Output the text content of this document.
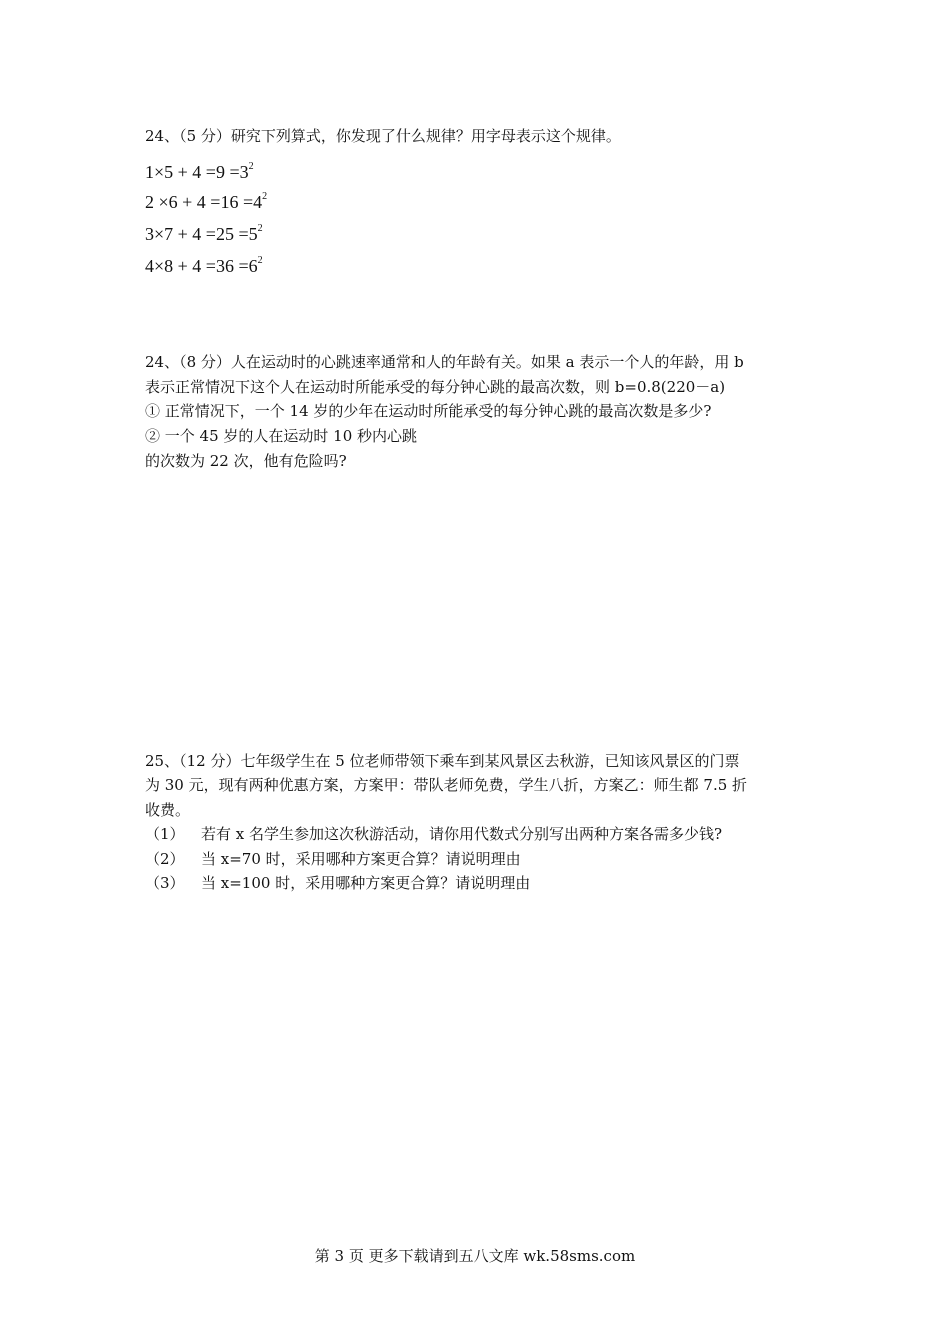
24、（5 分）研究下列算式，你发现了什么规律？用字母表示这个规律。
$1\times 5 + 4 =9 =3^2$
$2 \times 6 + 4 =16 =4^2$
$3\times 7 + 4 =25 =5^2$
$4\times 8 + 4 =36 =6^2$
24、（8 分）人在运动时的心跳速率通常和人的年龄有关。如果 a 表示一个人的年龄，用 b
表示正常情况下这个人在运动时所能承受的每分钟心跳的最高次数，则 b=0.8(220－a)
① 正常情况下，一个 14 岁的少年在运动时所能承受的每分钟心跳的最高次数是多少?
② 一个 45 岁的人在运动时 10 秒内心跳
的次数为 22 次，他有危险吗?
25、（12 分）七年级学生在 5 位老师带领下乘车到某风景区去秋游，已知该风景区的门票
为 30 元，现有两种优惠方案，方案甲：带队老师免费，学生八折，方案乙：师生都 7.5 折
收费。
（1） 若有 x 名学生参加这次秋游活动，请你用代数式分别写出两种方案各需多少钱?
（2） 当 x=70 时，采用哪种方案更合算？请说明理由
（3） 当 x=100 时，采用哪种方案更合算？请说明理由
第 3 页 更多下载请到五八文库 wk.58sms.com
